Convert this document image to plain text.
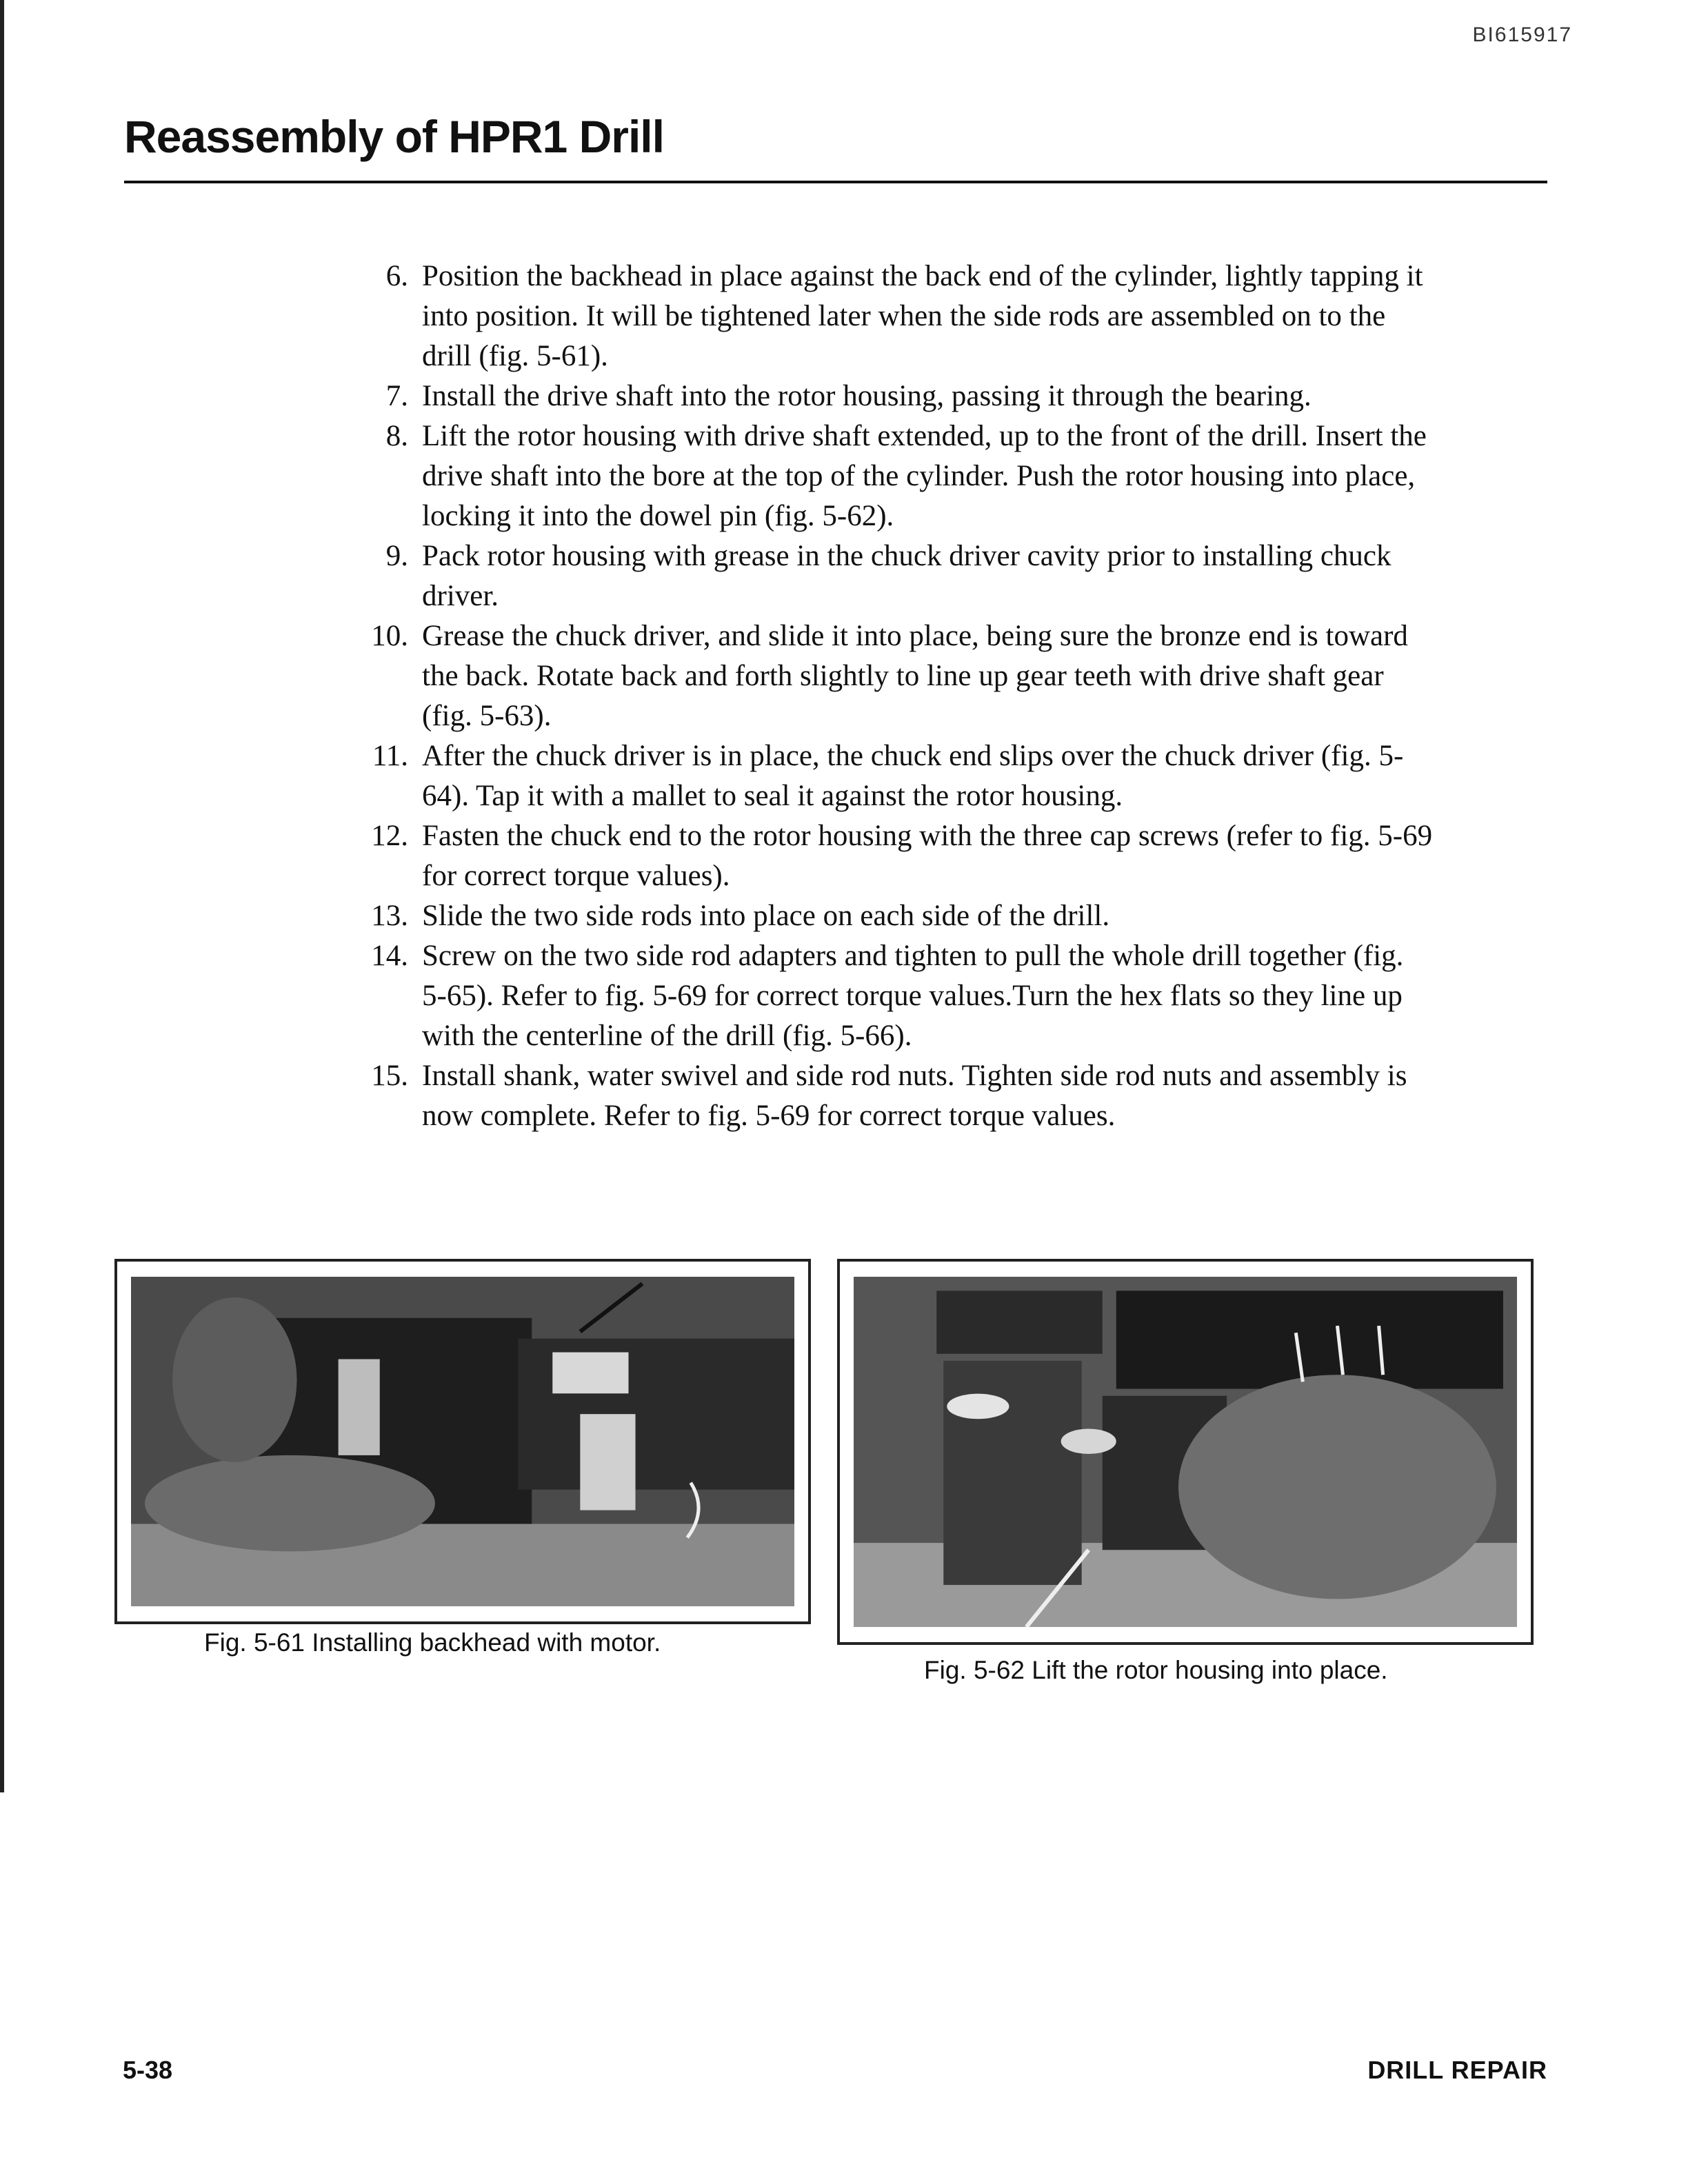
BI615917
Reassembly of HPR1 Drill
6. Position the backhead in place against the back end of the cylinder, lightly tapping it into position. It will be tightened later when the side rods are assembled on to the drill (fig. 5-61).
7. Install the drive shaft into the rotor housing, passing it through the bearing.
8. Lift the rotor housing with drive shaft extended, up to the front of the drill. Insert the drive shaft into the bore at the top of the cylinder. Push the rotor housing into place, locking it into the dowel pin (fig. 5-62).
9. Pack rotor housing with grease in the chuck driver cavity prior to installing chuck driver.
10. Grease the chuck driver, and slide it into place, being sure the bronze end is toward the back. Rotate back and forth slightly to line up gear teeth with drive shaft gear (fig. 5-63).
11. After the chuck driver is in place, the chuck end slips over the chuck driver (fig. 5-64). Tap it with a mallet to seal it against the rotor housing.
12. Fasten the chuck end to the rotor housing with the three cap screws (refer to fig. 5-69 for correct torque values).
13. Slide the two side rods into place on each side of the drill.
14. Screw on the two side rod adapters and tighten to pull the whole drill together (fig. 5-65). Refer to fig. 5-69 for correct torque values.Turn the hex flats so they line up with the centerline of the drill (fig. 5-66).
15. Install shank, water swivel and side rod nuts. Tighten side rod nuts and assembly is now complete. Refer to fig. 5-69 for correct torque values.
Fig. 5-61 Installing backhead with motor.
Fig. 5-62 Lift the rotor housing into place.
5-38	DRILL REPAIR
